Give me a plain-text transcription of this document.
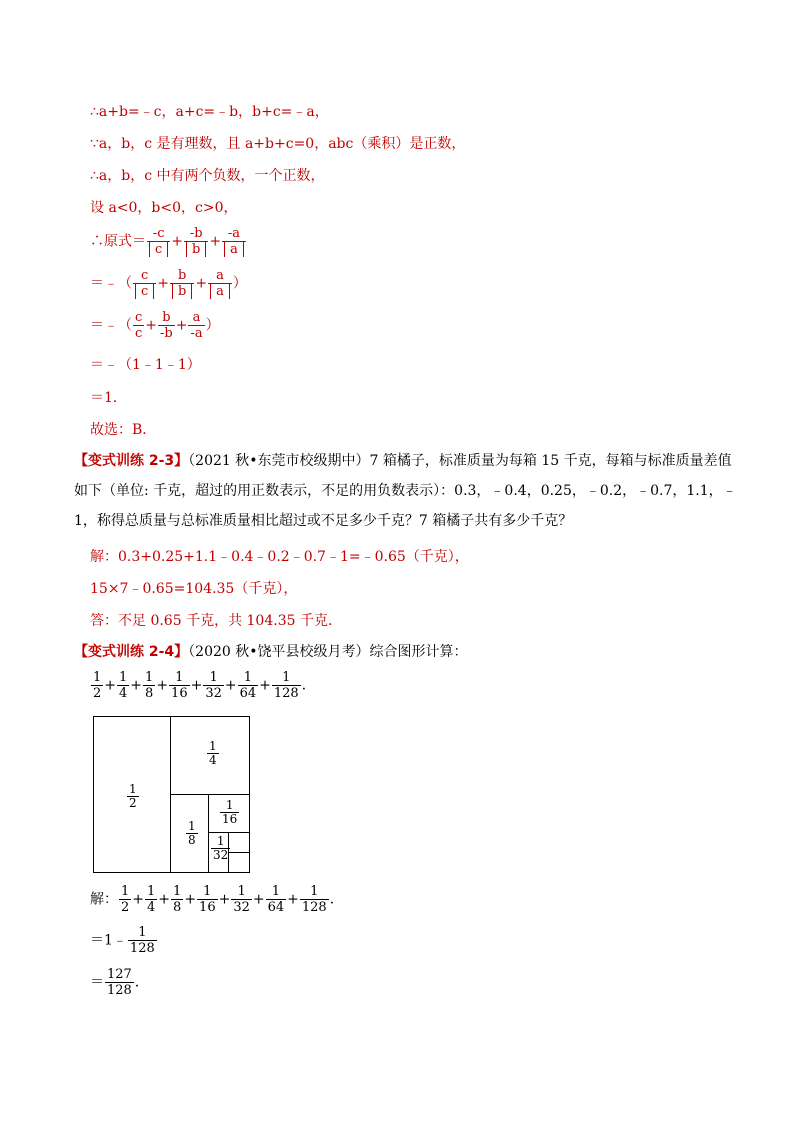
∴a+b=﹣c，a+c=﹣b，b+c=﹣a，
∵a，b，c 是有理数，且 a+b+c=0，abc（乘积）是正数，
∴a，b，c 中有两个负数，一个正数，
设 a<0，b<0，c>0，
∴原式＝ $\frac{-c}{c} + \frac{-b}{b} + \frac{-a}{a}$
＝﹣（ $\frac{c}{c} + \frac{b}{b} + \frac{a}{a}$ ）
＝﹣（ $\frac{c}{c} + \frac{b}{-b} + \frac{a}{-a}$ ）
＝﹣（1﹣1﹣1）
＝1．
故选：B．
【变式训练 2-3】（2021 秋•东莞市校级期中）7 箱橘子，标准质量为每箱 15 千克，每箱与标准质量差值如下（单位: 千克，超过的用正数表示，不足的用负数表示）：0.3，﹣0.4，0.25，﹣0.2，﹣0.7，1.1，﹣1，称得总质量与总标准质量相比超过或不足多少千克？7 箱橘子共有多少千克？
解：0.3+0.25+1.1﹣0.4﹣0.2﹣0.7﹣1=﹣0.65（千克），
15×7﹣0.65=104.35（千克），
答：不足 0.65 千克，共 104.35 千克．
【变式训练 2-4】（2020 秋•饶平县校级月考）综合图形计算：
$\frac{1}{2} + \frac{1}{4} + \frac{1}{8} + \frac{1}{16} + \frac{1}{32} + \frac{1}{64} + \frac{1}{128}$ ．
$\frac{1}{2}$
$\frac{1}{4}$
$\frac{1}{8}$
$\frac{1}{16}$
$\frac{1}{32}$
解： $\frac{1}{2} + \frac{1}{4} + \frac{1}{8} + \frac{1}{16} + \frac{1}{32} + \frac{1}{64} + \frac{1}{128}$ ．
＝1﹣ $\frac{1}{128}$
＝ $\frac{127}{128}$ ．
